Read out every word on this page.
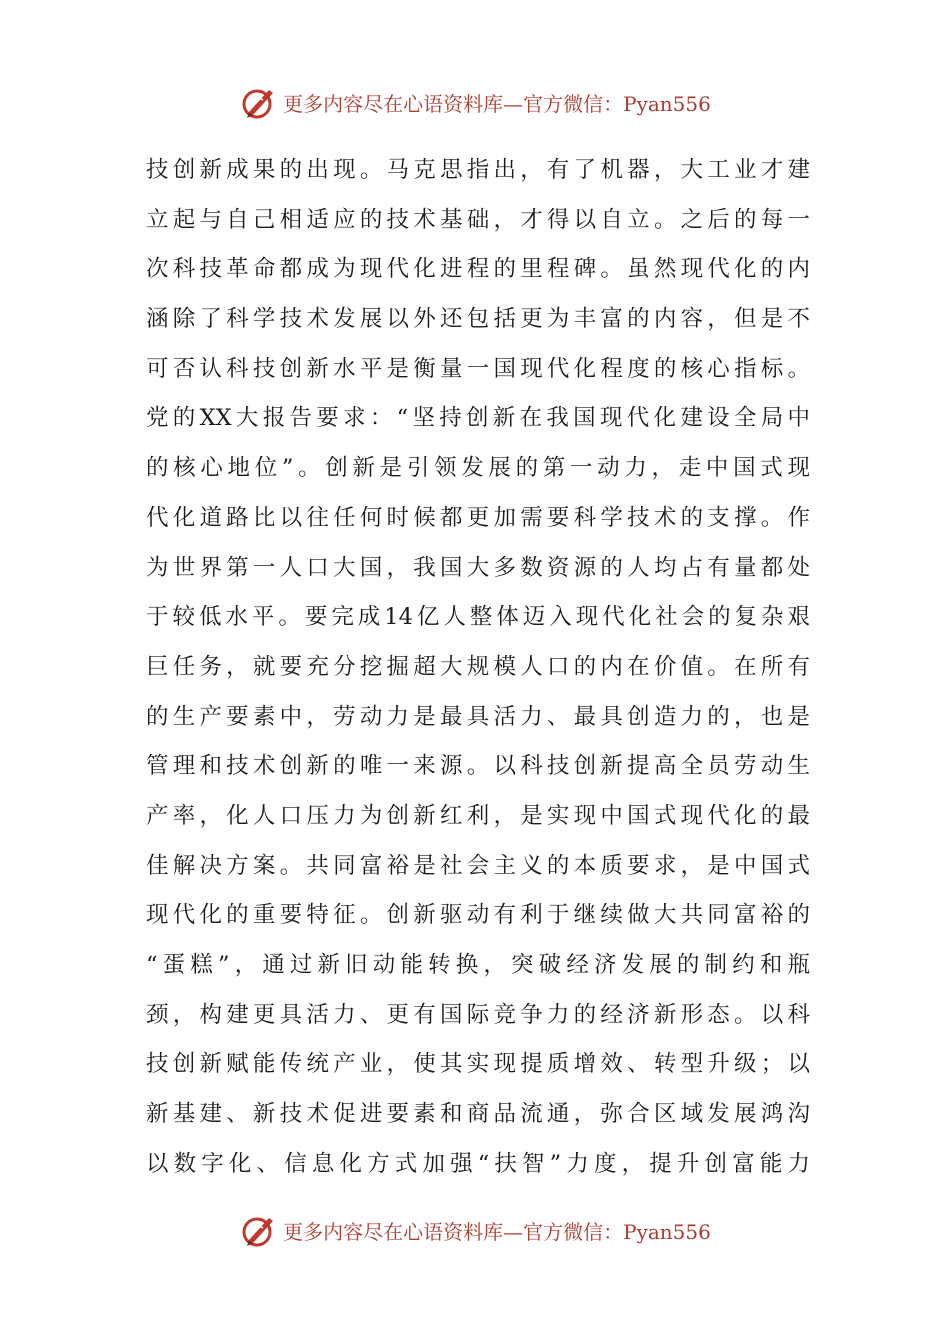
更多内容尽在心语资料库—官方微信：Pyan556
技创新成果的出现。马克思指出，有了机器，大工业才建
立起与自己相适应的技术基础，才得以自立。之后的每一
次科技革命都成为现代化进程的里程碑。虽然现代化的内
涵除了科学技术发展以外还包括更为丰富的内容，但是不
可否认科技创新水平是衡量一国现代化程度的核心指标。
党的XX大报告要求：“坚持创新在我国现代化建设全局中
的核心地位”。创新是引领发展的第一动力，走中国式现
代化道路比以往任何时候都更加需要科学技术的支撑。作
为世界第一人口大国，我国大多数资源的人均占有量都处
于较低水平。要完成14亿人整体迈入现代化社会的复杂艰
巨任务，就要充分挖掘超大规模人口的内在价值。在所有
的生产要素中，劳动力是最具活力、最具创造力的，也是
管理和技术创新的唯一来源。以科技创新提高全员劳动生
产率，化人口压力为创新红利，是实现中国式现代化的最
佳解决方案。共同富裕是社会主义的本质要求，是中国式
现代化的重要特征。创新驱动有利于继续做大共同富裕的
“蛋糕”，通过新旧动能转换，突破经济发展的制约和瓶
颈，构建更具活力、更有国际竞争力的经济新形态。以科
技创新赋能传统产业，使其实现提质增效、转型升级；以
新基建、新技术促进要素和商品流通，弥合区域发展鸿沟
以数字化、信息化方式加强“扶智”力度，提升创富能力
更多内容尽在心语资料库—官方微信：Pyan556
